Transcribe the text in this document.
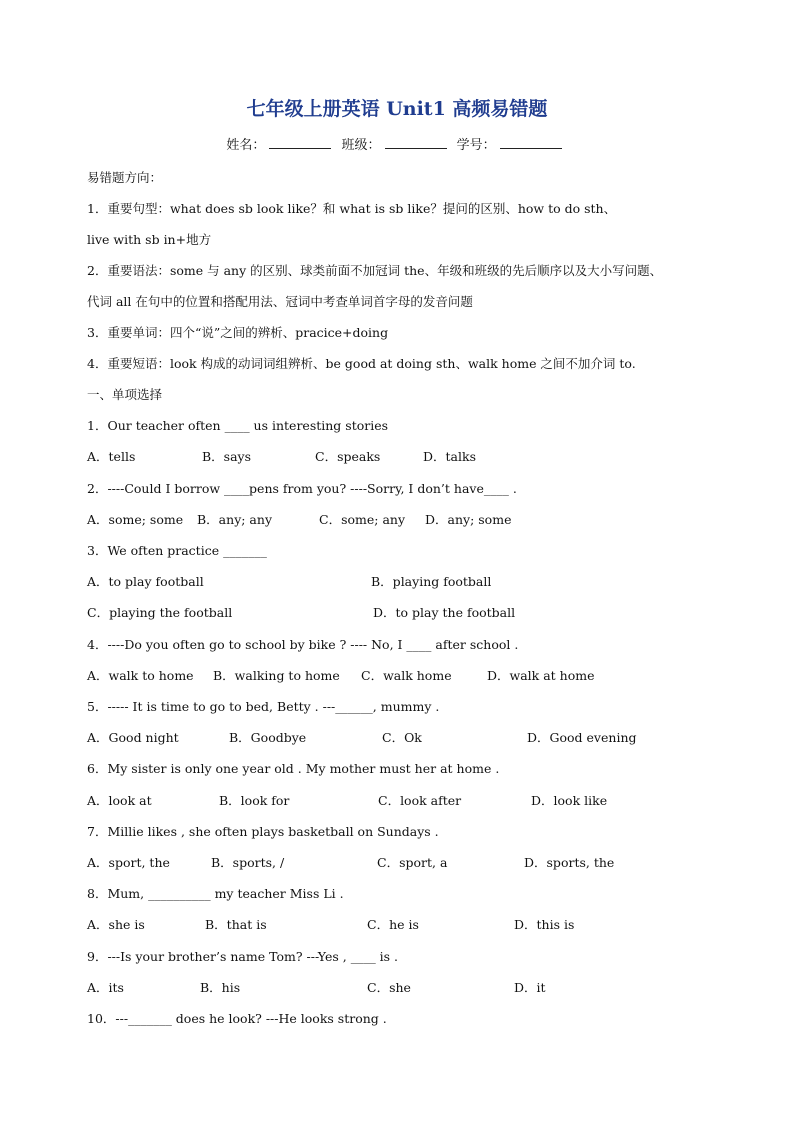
七年级上册英语 Unit1 高频易错题
姓名：	班级：	学号：
易错题方向：
1．重要句型：what does sb look like？和 what is sb like？提问的区别、how to do sth、
live with sb in+地方
2．重要语法：some 与 any 的区别、球类前面不加冠词 the、年级和班级的先后顺序以及大小写问题、
代词 all 在句中的位置和搭配用法、冠词中考查单词首字母的发音问题
3．重要单词：四个“说”之间的辨析、pracice+doing
4．重要短语：look 构成的动词词组辨析、be good at doing sth、walk home 之间不加介词 to.
一、单项选择
1．Our teacher often ____ us interesting stories
A．tells	B．says	C．speaks	D．talks
2．----Could I borrow ____pens from you? ----Sorry, I don’t have____ .
A．some; some B．any; any	C．some; any D．any; some
3．We often practice _______
A．to play football	B．playing football
C．playing the football	D．to play the football
4．----Do you often go to school by bike ? ---- No, I ____ after school .
A．walk to home B．walking to home C．walk home	D．walk at home
5．----- It is time to go to bed, Betty . ---______, mummy .
A．Good night	B．Goodbye	C．Ok	D．Good evening
6．My sister is only one year old . My mother must her at home .
A．look at	B．look for	C．look after	D．look like
7．Millie likes , she often plays basketball on Sundays .
A．sport, the	B．sports, /	C．sport, a	D．sports, the
8．Mum, __________ my teacher Miss Li .
A．she is	B．that is	C．he is	D．this is
9．---Is your brother’s name Tom? ---Yes , ____ is .
A．its	B．his	C．she	D．it
10．---_______ does he look? ---He looks strong .
